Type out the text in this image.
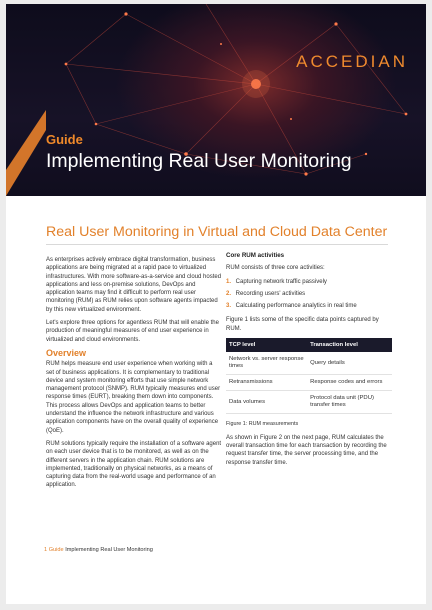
ACCEDIAN
Guide
Implementing Real User Monitoring
Real User Monitoring in Virtual and Cloud Data Center

As enterprises actively embrace digital transformation, business applications are being migrated at a rapid pace to virtualized infrastructures. With more software-as-a-service and cloud hosted applications and less on-premise solutions, DevOps and application teams may find it difficult to perform real user monitoring (RUM) as RUM relies upon software agents impacted by this new virtualized environment.

Let's explore three options for agentless RUM that will enable the production of meaningful measures of end user experience in virtualized and cloud environments.

Overview

RUM helps measure end user experience when working with a set of business applications. It is complementary to traditional device and system monitoring efforts that use simple network management protocol (SNMP). RUM typically measures end user response times (EURT), breaking them down into components. This process allows DevOps and application teams to better understand the influence the network infrastructure and various application components have on the overall quality of experience (QoE).

RUM solutions typically require the installation of a software agent on each user device that is to be monitored, as well as on the different servers in the application chain. RUM solutions are implemented, traditionally on physical networks, as a means of capturing data from the real-world usage and performance of an application.

Core RUM activities

RUM consists of three core activities:

1. Capturing network traffic passively
2. Recording users' activities
3. Calculating performance analytics in real time

Figure 1 lists some of the specific data points captured by RUM.

TCP level	Transaction level
Network vs. server response times	Query details
Retransmissions	Response codes and errors
Data volumes	Protocol data unit (PDU) transfer times

Figure 1: RUM measurements

As shown in Figure 2 on the next page, RUM calculates the overall transaction time for each transaction by recording the request transfer time, the server processing time, and the response transfer time.

1 Guide Implementing Real User Monitoring
